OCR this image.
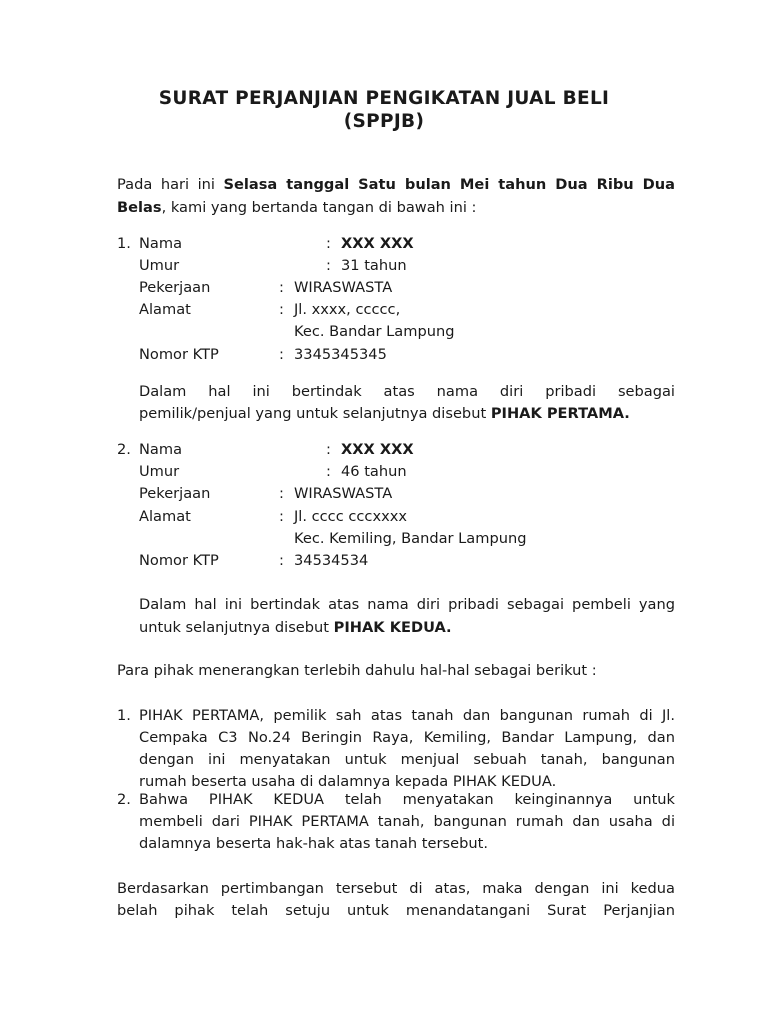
SURAT PERJANJIAN PENGIKATAN JUAL BELI
(SPPJB)
Pada hari ini Selasa tanggal Satu bulan Mei tahun Dua Ribu Dua
Belas, kami yang bertanda tangan di bawah ini :
1. Nama	: XXX XXX
Umur	: 31 tahun
Pekerjaan	: WIRASWASTA
Alamat	: Jl. xxxx, ccccc,
Kec. Bandar Lampung
Nomor KTP	: 3345345345
Dalam hal ini bertindak atas nama diri pribadi sebagai
pemilik/penjual yang untuk selanjutnya disebut PIHAK PERTAMA.
2. Nama	: XXX XXX
Umur	: 46 tahun
Pekerjaan	: WIRASWASTA
Alamat	: Jl. cccc cccxxxx
Kec. Kemiling, Bandar Lampung
Nomor KTP	: 34534534
Dalam hal ini bertindak atas nama diri pribadi sebagai pembeli yang
untuk selanjutnya disebut PIHAK KEDUA.
Para pihak menerangkan terlebih dahulu hal-hal sebagai berikut :
1. PIHAK PERTAMA, pemilik sah atas tanah dan bangunan rumah di Jl.
Cempaka C3 No.24 Beringin Raya, Kemiling, Bandar Lampung, dan
dengan ini menyatakan untuk menjual sebuah tanah, bangunan
rumah beserta usaha di dalamnya kepada PIHAK KEDUA.
2. Bahwa PIHAK KEDUA telah menyatakan keinginannya untuk
membeli dari PIHAK PERTAMA tanah, bangunan rumah dan usaha di
dalamnya beserta hak-hak atas tanah tersebut.
Berdasarkan pertimbangan tersebut di atas, maka dengan ini kedua
belah pihak telah setuju untuk menandatangani Surat Perjanjian
